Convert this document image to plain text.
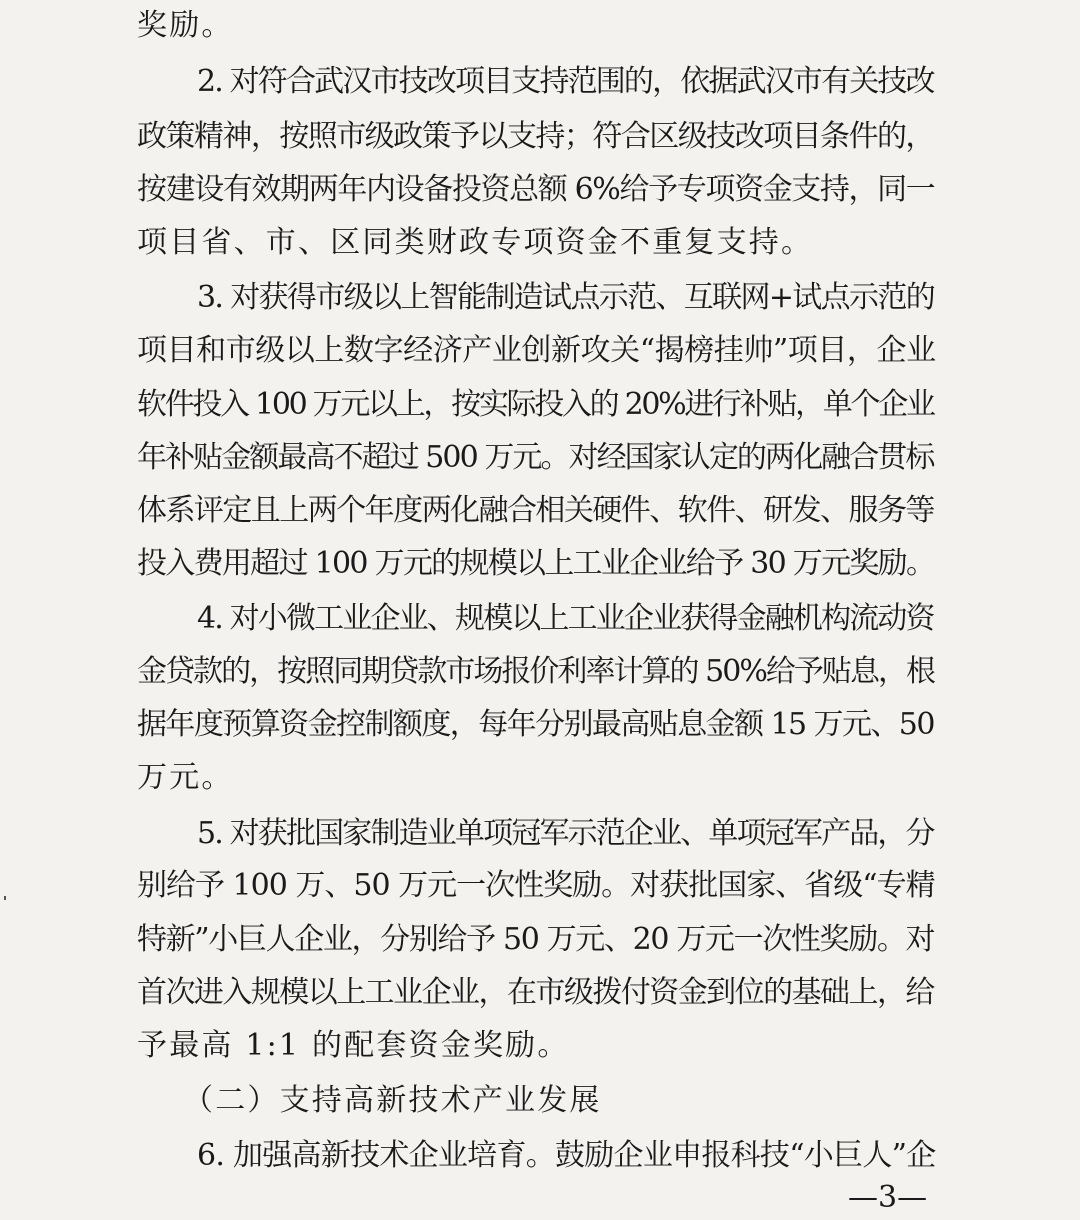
奖励。
2. 对符合武汉市技改项目支持范围的，依据武汉市有关技改
政策精神，按照市级政策予以支持；符合区级技改项目条件的，
按建设有效期两年内设备投资总额 6%给予专项资金支持，同一
项目省、市、区同类财政专项资金不重复支持。
3. 对获得市级以上智能制造试点示范、互联网+试点示范的
项目和市级以上数字经济产业创新攻关“揭榜挂帅”项目，企业
软件投入 100 万元以上，按实际投入的 20%进行补贴，单个企业
年补贴金额最高不超过 500 万元。对经国家认定的两化融合贯标
体系评定且上两个年度两化融合相关硬件、软件、研发、服务等
投入费用超过 100 万元的规模以上工业企业给予 30 万元奖励。
4. 对小微工业企业、规模以上工业企业获得金融机构流动资
金贷款的，按照同期贷款市场报价利率计算的 50%给予贴息，根
据年度预算资金控制额度，每年分别最高贴息金额 15 万元、50
万元。
5. 对获批国家制造业单项冠军示范企业、单项冠军产品，分
别给予 100 万、50 万元一次性奖励。对获批国家、省级“专精
特新”小巨人企业，分别给予 50 万元、20 万元一次性奖励。对
首次进入规模以上工业企业，在市级拨付资金到位的基础上，给
予最高 1:1 的配套资金奖励。
（二）支持高新技术产业发展
6. 加强高新技术企业培育。鼓励企业申报科技“小巨人”企
—3—
